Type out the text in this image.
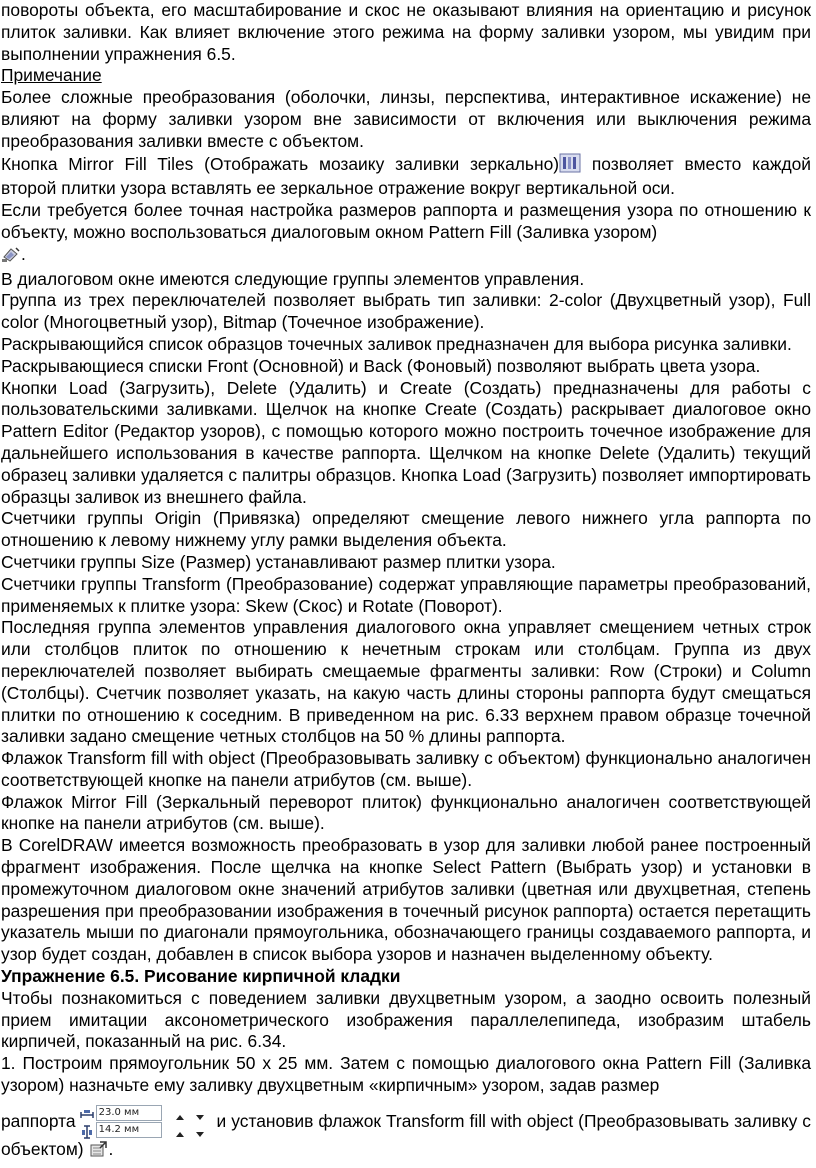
повороты объекта, его масштабирование и скос не оказывают влияния на ориентацию и рисунок плиток заливки. Как влияет включение этого режима на форму заливки узором, мы увидим при выполнении упражнения 6.5.

Примечание

Более сложные преобразования (оболочки, линзы, перспектива, интерактивное искажение) не влияют на форму заливки узором вне зависимости от включения или выключения режима преобразования заливки вместе с объектом.

Кнопка Mirror Fill Tiles (Отображать мозаику заливки зеркально) позволяет вместо каждой второй плитки узора вставлять ее зеркальное отражение вокруг вертикальной оси.

Если требуется более точная настройка размеров раппорта и размещения узора по отношению к объекту, можно воспользоваться диалоговым окном Pattern Fill (Заливка узором)
.

В диалоговом окне имеются следующие группы элементов управления.

Группа из трех переключателей позволяет выбрать тип заливки: 2-color (Двухцветный узор), Full color (Многоцветный узор), Bitmap (Точечное изображение).

Раскрывающийся список образцов точечных заливок предназначен для выбора рисунка заливки.

Раскрывающиеся списки Front (Основной) и Back (Фоновый) позволяют выбрать цвета узора.

Кнопки Load (Загрузить), Delete (Удалить) и Create (Создать) предназначены для работы с пользовательскими заливками. Щелчок на кнопке Create (Создать) раскрывает диалоговое окно Pattern Editor (Редактор узоров), с помощью которого можно построить точечное изображение для дальнейшего использования в качестве раппорта. Щелчком на кнопке Delete (Удалить) текущий образец заливки удаляется с палитры образцов. Кнопка Load (Загрузить) позволяет импортировать образцы заливок из внешнего файла.

Счетчики группы Origin (Привязка) определяют смещение левого нижнего угла раппорта по отношению к левому нижнему углу рамки выделения объекта.

Счетчики группы Size (Размер) устанавливают размер плитки узора.

Счетчики группы Transform (Преобразование) содержат управляющие параметры преобразований, применяемых к плитке узора: Skew (Скос) и Rotate (Поворот).

Последняя группа элементов управления диалогового окна управляет смещением четных строк или столбцов плиток по отношению к нечетным строкам или столбцам. Группа из двух переключателей позволяет выбирать смещаемые фрагменты заливки: Row (Строки) и Column (Столбцы). Счетчик позволяет указать, на какую часть длины стороны раппорта будут смещаться плитки по отношению к соседним. В приведенном на рис. 6.33 верхнем правом образце точечной заливки задано смещение четных столбцов на 50 % длины раппорта.

Флажок Transform fill with object (Преобразовывать заливку с объектом) функционально аналогичен соответствующей кнопке на панели атрибутов (см. выше).

Флажок Mirror Fill (Зеркальный переворот плиток) функционально аналогичен соответствующей кнопке на панели атрибутов (см. выше).

В CorelDRAW имеется возможность преобразовать в узор для заливки любой ранее построенный фрагмент изображения. После щелчка на кнопке Select Pattern (Выбрать узор) и установки в промежуточном диалоговом окне значений атрибутов заливки (цветная или двухцветная, степень разрешения при преобразовании изображения в точечный рисунок раппорта) остается перетащить указатель мыши по диагонали прямоугольника, обозначающего границы создаваемого раппорта, и узор будет создан, добавлен в список выбора узоров и назначен выделенному объекту.

Упражнение 6.5. Рисование кирпичной кладки

Чтобы познакомиться с поведением заливки двухцветным узором, а заодно освоить полезный прием имитации аксонометрического изображения параллелепипеда, изобразим штабель кирпичей, показанный на рис. 6.34.

1. Построим прямоугольник 50 x 25 мм. Затем с помощью диалогового окна Pattern Fill (Заливка узором) назначьте ему заливку двухцветным «кирпичным» узором, задав размер

раппорта	23.0 мм
14.2 мм	и установив флажок Transform fill with object (Преобразовывать заливку с объектом) .
